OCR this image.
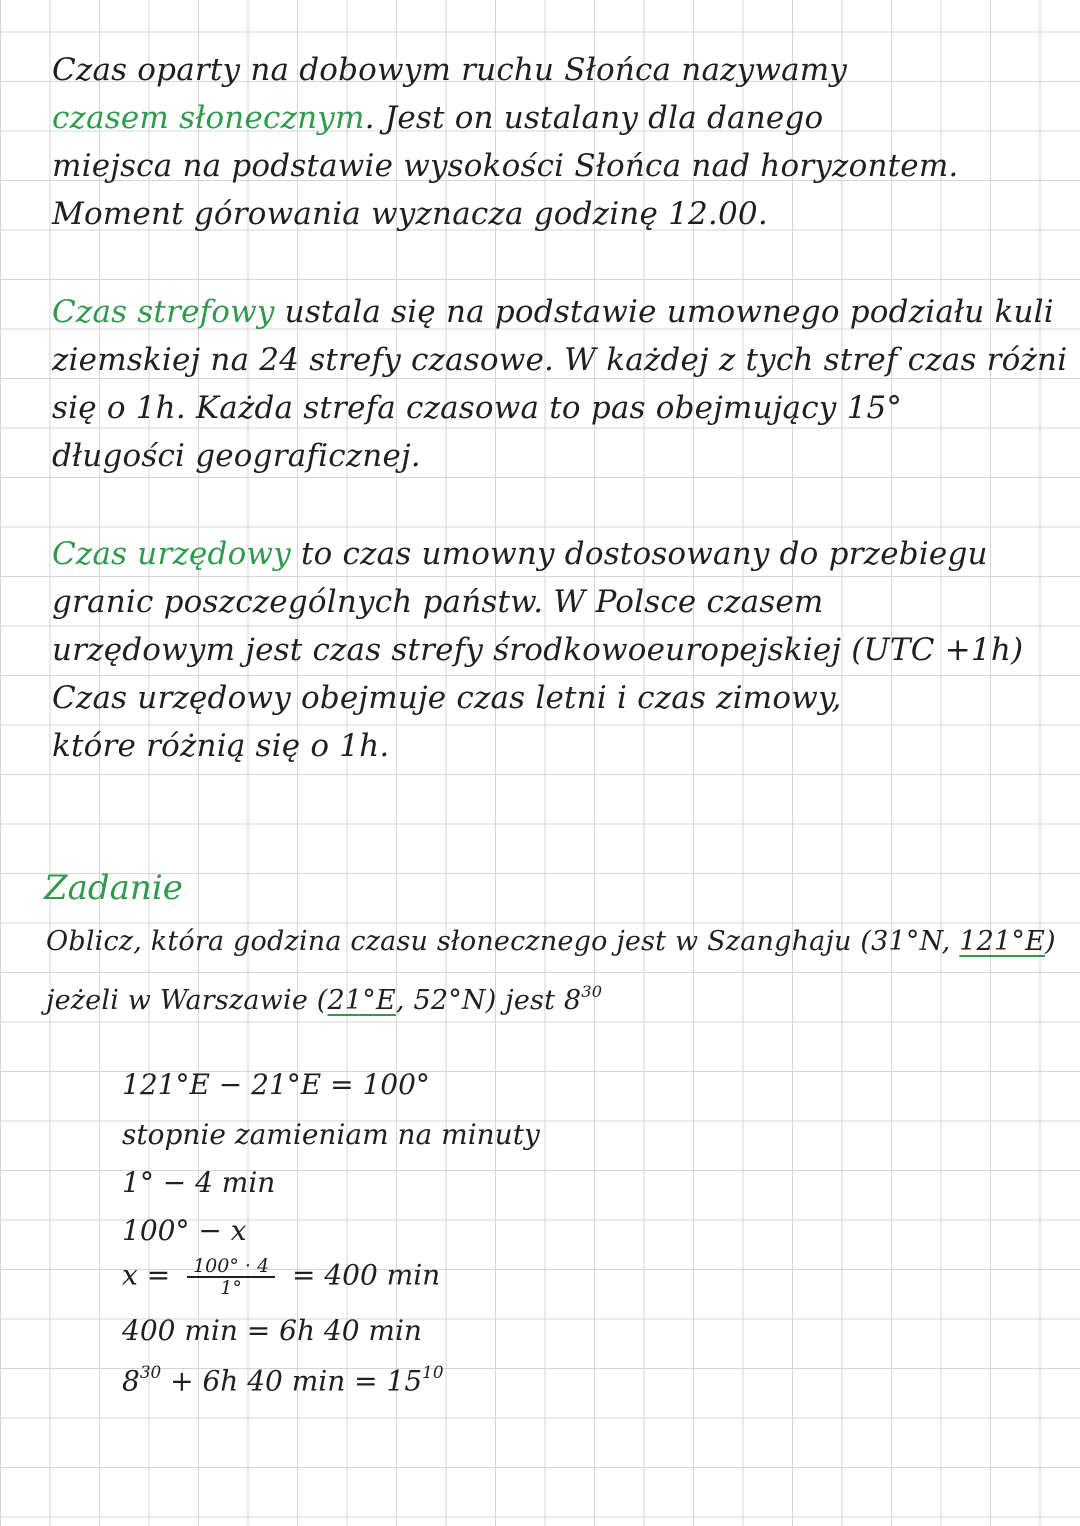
Czas oparty na dobowym ruchu Słońca nazywamy
czasem słonecznym. Jest on ustalany dla danego
miejsca na podstawie wysokości Słońca nad horyzontem.
Moment górowania wyznacza godzinę 12.00.
Czas strefowy ustala się na podstawie umownego podziału kuli
ziemskiej na 24 strefy czasowe. W każdej z tych stref czas różni
się o 1h. Każda strefa czasowa to pas obejmujący 15°
długości geograficznej.
Czas urzędowy to czas umowny dostosowany do przebiegu
granic poszczególnych państw. W Polsce czasem
urzędowym jest czas strefy środkowoeuropejskiej (UTC +1h)
Czas urzędowy obejmuje czas letni i czas zimowy,
które różnią się o 1h.
Zadanie
Oblicz, która godzina czasu słonecznego jest w Szanghaju (31°N, 121°E)
jeżeli w Warszawie (21°E, 52°N) jest $8^{30}$
121°E − 21°E = 100°
stopnie zamieniam na minuty
1° − 4 min
100° − x
$x = \frac{100^\circ \cdot 4}{1^\circ} = 400$ min
400 min = 6h 40 min
$8^{30} + 6h$ 40 $\min = 15^{10}$
